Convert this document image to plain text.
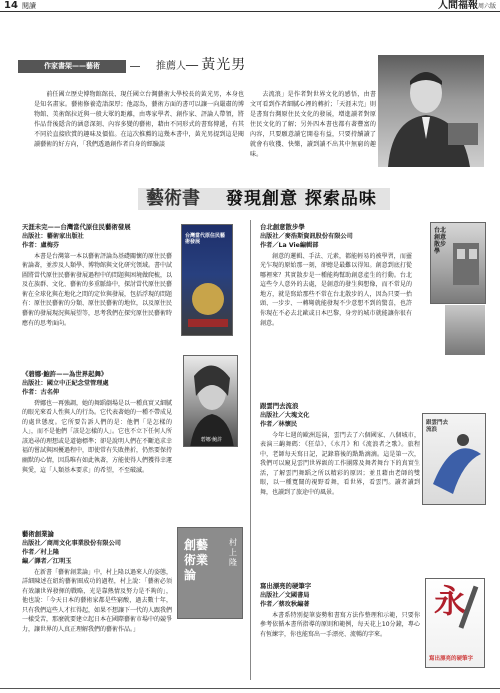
14 閱讀	人間福報周六版
作家書架——藝術	推薦人── 黃光男

前任國立歷史博物館館長、現任國立台灣藝術大學校長的黃光男，本身也是知名畫家。藝術修養造詣深厚；他認為，藝術方面的書可以讓一向嚴肅的博物館、美術館拉近與一般大眾的距離，由專家學者、創作家、評論人帶領，將作品背後隱含的涵意深刻、內容多變的藝術，藉由不同形式的書寫傳遞，有其不同於直接欣賞的趣味及價值。在這次推薦的這幾本書中，黃光男提到這是閱讀藝術的好方向，「我們透過創作者自身的經驗談

去流浪」是作者對世界文化的感悟，由書文可看到作者細膩心裡的轉折；「天涯未完」則是書寫台灣原住民文化的發展，增進讀者對原住民文化的了解；另外四本書也都有著豐富的內容，只要願意讀它開卷有益，只要持續讀了就會有收獲、快樂，讀到讀不出其中無窮的趣味。

藝術書 發現創意 探索品味
天涯未完——台灣當代原住民藝術發展
出版社：藝術家出版社
作者：盧梅芬

本書是台灣第一本以藝術評論為基礎關懷的原住民藝術論著，並涉及人類學、博物館與文化研究領域。書中試圖將當代原住民藝術發展過程中的問題與困境做爬梳，以及在族群、文化、藝術的多重脈絡中，探討當代原住民藝術在全球化與在地化之間的定位與發展，包括浮現的問題有：原住民藝術的分類、原住民藝術的地位，以及原住民藝術的發展現況與展望等，思考我們在探究原住民藝術時應有的思考面向。

台灣當代原住民藝術發展
《碧娜‧鮑許——為世界起舞》
出版社：國立中正紀念堂管理處
作者：古名伸

碧娜也一再強調，她的舞蹈劇場是以一種真實又細膩的眼光來看人性與人的行為。它代表著她的一種不帶成見的處世態度。它所要告訴人們的是：他們「是怎樣的人」，而不是他們「該是怎樣的人」。它也不立下任何人所該追尋的理想或是道德標準；卻是說明人們在不斷追求幸福的嘗試與困擾過程中，即使常有失敗挫折，仍然要保持幽默的心情，因爲唯有如此執著，方能使得人們獲得幸運與愛，這「人類基本要求」的希望，不至破滅。

碧娜‧鮑許
藝術創業論
出版社／商周文化事業股份有限公司
作者／村上隆
編／譯者／江明玉

在新書「藝術創業論」中，村上隆以過來人的姿態，詳細陳述在紐約藝術圈成功的過程，村上說：「藝術必須有效讓世界發揮的戰略，光是靠熱情及努力是不夠的」，他也說：「今天日本的藝術家都是些窮酸，過去數十年，只有我們這些人才扛得起，如果不想讓下一代的人跟我們一樣受苦，那麼就要建立起日本在國際藝術市場中的競爭力，讓世界的人真正理解我們的藝術作品。」

創藝術業論
村上隆
台北創意散步學
出版社／麥浩斯資訊股份有限公司
作者／La Vie編輯部

創意的邏輯、手法、元素，都能輕易的被學習，而靈光乍現的原始那一刻，卻總是最難以得知。創意到底打從哪裡來？其實散步是一種能夠幫助創意產生的行動。台北這些令人意外的去處，是創意的發生與想像，而不常見的地方，就是寫給那些不常在台北散步的人，因為只要一抬頭、一步步、一轉彎就能發現不少意想不到的驚喜，也許你現在不必去北歐或日本巴黎，身旁的城市就能讓你很有創意。

台北創意散步學
跟雲門去流浪
出版社／大塊文化
作者／林懷民

今年七週的歐洲巡演，雲門去了六個國家、八個城市，表演三齣舞碼：《狂草》、《水月》和《流浪者之歌》。旅程中，老師每天寫日記，記錄幕後的點點滴滴。這是第一次，我們可以窺見雲門世界級的工作團隊及舞者舞台下的真實生活，了解雲門舞蹈之所以精彩的原因；並且藉由老師的雙眼，以一種寬闊的視野看舞，看世界，看雲門。讀者讀到舞，也讀到了旅途中的風景。

跟雲門去流浪
寫出漂亮的硬筆字
出版社／文國書局
作者／蔡玫秋編著

本書系特別提筆姿勢和書寫方法作整理和示範，只要你參考依循本書所指導的原則和範例，每天花上10分鐘，專心有恆練字，你也能寫出一手漂亮、流暢的字來。

永
寫出漂亮的硬筆字
